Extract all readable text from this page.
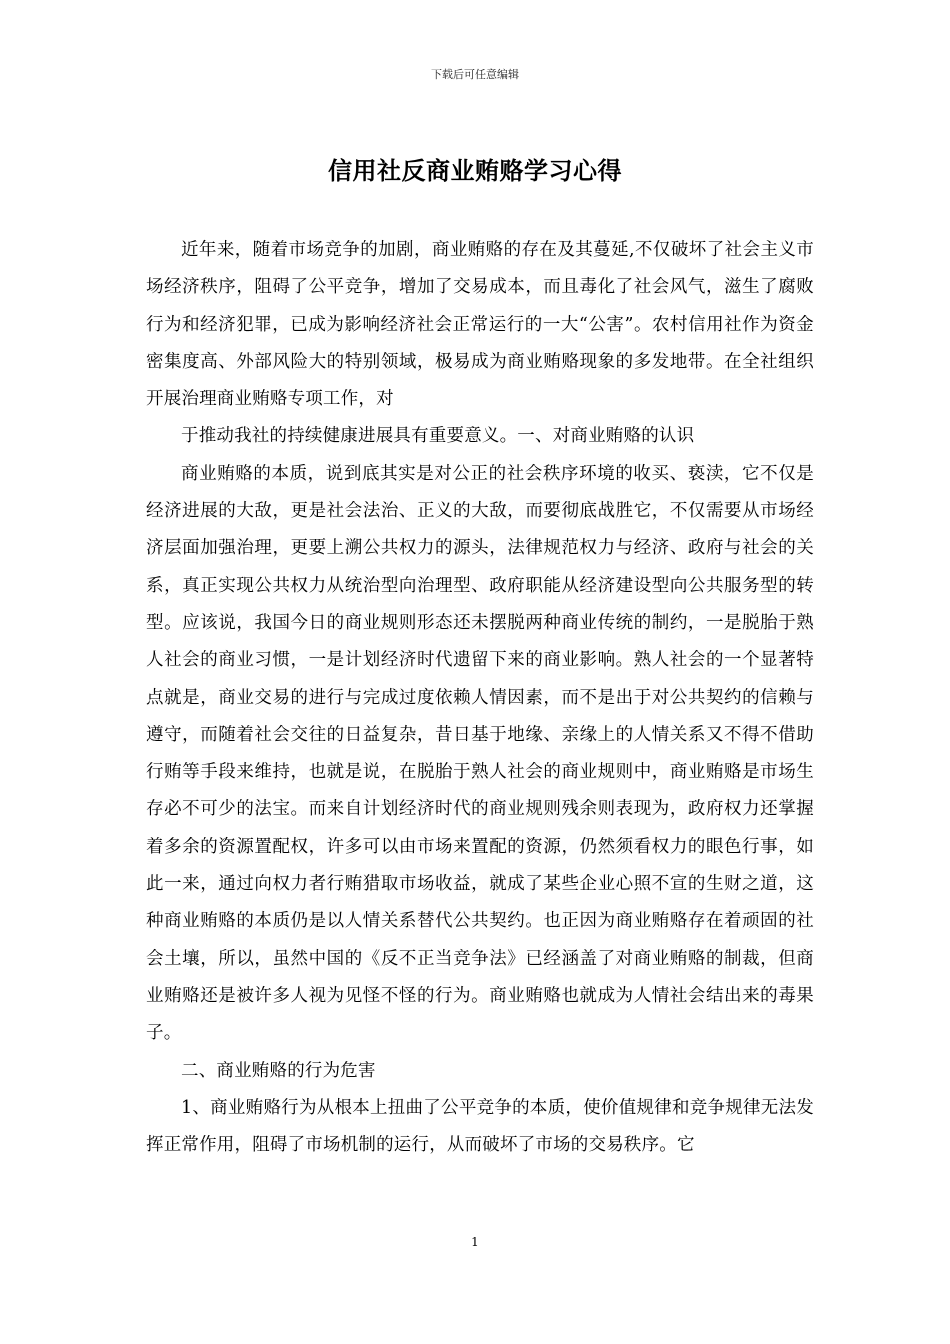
下载后可任意编辑
信用社反商业贿赂学习心得

近年来，随着市场竞争的加剧，商业贿赂的存在及其蔓延,不仅破坏了社会主义市场经济秩序，阻碍了公平竞争，增加了交易成本，而且毒化了社会风气，滋生了腐败行为和经济犯罪，已成为影响经济社会正常运行的一大“公害”。农村信用社作为资金密集度高、外部风险大的特别领域，极易成为商业贿赂现象的多发地带。在全社组织开展治理商业贿赂专项工作，对

于推动我社的持续健康进展具有重要意义。一、对商业贿赂的认识

商业贿赂的本质，说到底其实是对公正的社会秩序环境的收买、亵渎，它不仅是经济进展的大敌，更是社会法治、正义的大敌，而要彻底战胜它，不仅需要从市场经济层面加强治理，更要上溯公共权力的源头，法律规范权力与经济、政府与社会的关系，真正实现公共权力从统治型向治理型、政府职能从经济建设型向公共服务型的转型。应该说，我国今日的商业规则形态还未摆脱两种商业传统的制约，一是脱胎于熟人社会的商业习惯，一是计划经济时代遗留下来的商业影响。熟人社会的一个显著特点就是，商业交易的进行与完成过度依赖人情因素，而不是出于对公共契约的信赖与遵守，而随着社会交往的日益复杂，昔日基于地缘、亲缘上的人情关系又不得不借助行贿等手段来维持，也就是说，在脱胎于熟人社会的商业规则中，商业贿赂是市场生存必不可少的法宝。而来自计划经济时代的商业规则残余则表现为，政府权力还掌握着多余的资源置配权，许多可以由市场来置配的资源，仍然须看权力的眼色行事，如此一来，通过向权力者行贿猎取市场收益，就成了某些企业心照不宣的生财之道，这种商业贿赂的本质仍是以人情关系替代公共契约。也正因为商业贿赂存在着顽固的社会土壤，所以，虽然中国的《反不正当竞争法》已经涵盖了对商业贿赂的制裁，但商业贿赂还是被许多人视为见怪不怪的行为。商业贿赂也就成为人情社会结出来的毒果子。

二、商业贿赂的行为危害

1、商业贿赂行为从根本上扭曲了公平竞争的本质，使价值规律和竞争规律无法发挥正常作用，阻碍了市场机制的运行，从而破坏了市场的交易秩序。它

1
